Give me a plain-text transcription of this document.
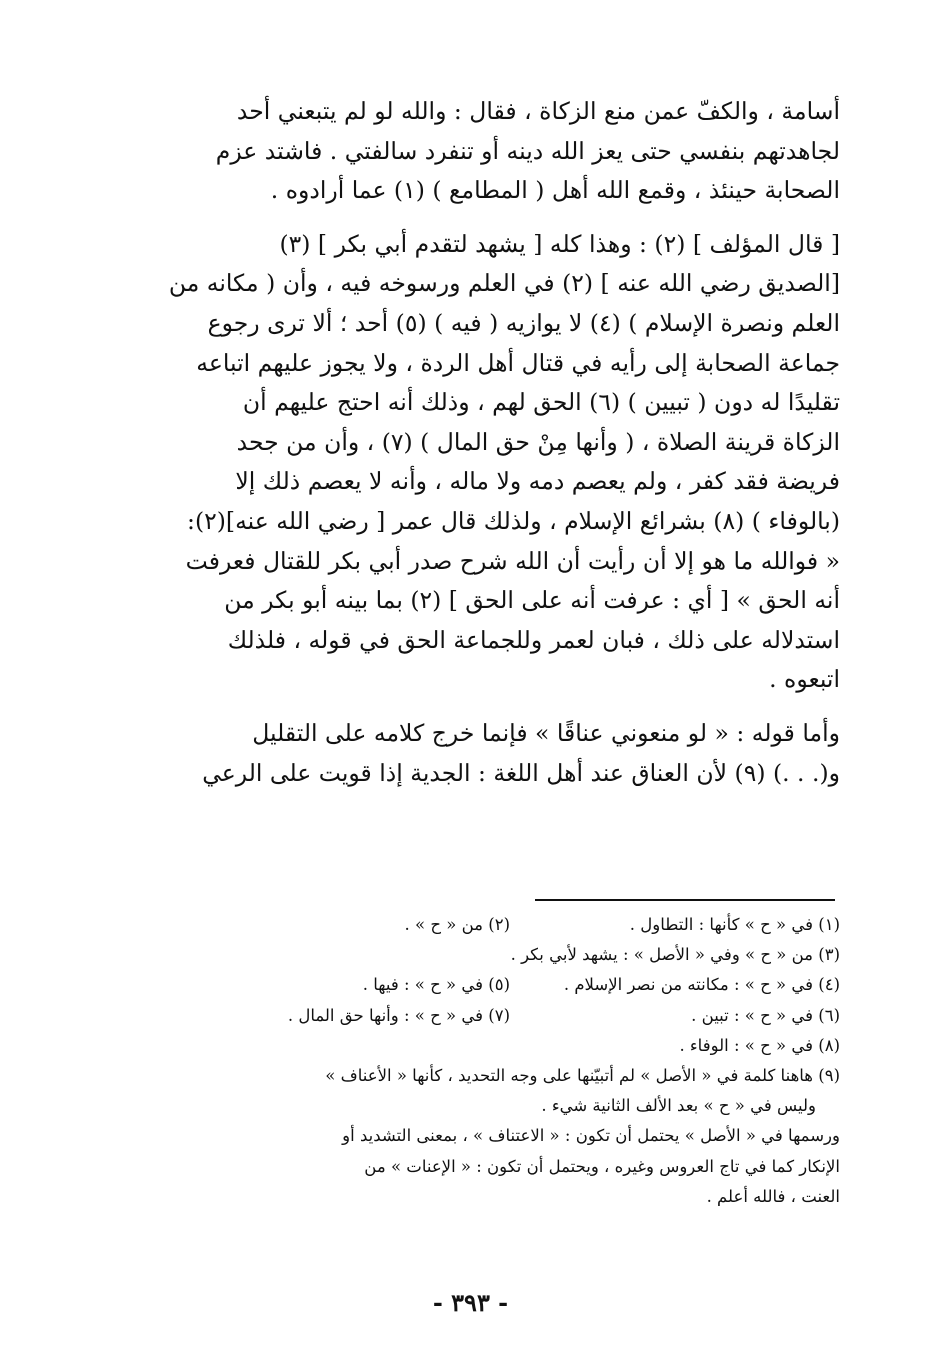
أسامة ، والكفّ عمن منع الزكاة ، فقال : والله لو لم يتبعني أحد
لجاهدتهم بنفسي حتى يعز الله دينه أو تنفرد سالفتي . فاشتد عزم
الصحابة حينئذ ، وقمع الله أهل ( المطامع ) (١) عما أرادوه .

[ قال المؤلف ] (٢) : وهذا كله [ يشهد لتقدم أبي بكر ] (٣)
[الصديق رضي الله عنه ] (٢) في العلم ورسوخه فيه ، وأن ( مكانه من
العلم ونصرة الإسلام ) (٤) لا يوازيه ( فيه ) (٥) أحد ؛ ألا ترى رجوع
جماعة الصحابة إلى رأيه في قتال أهل الردة ، ولا يجوز عليهم اتباعه
تقليدًا له دون ( تبيين ) (٦) الحق لهم ، وذلك أنه احتج عليهم أن
الزكاة قرينة الصلاة ، ( وأنها مِنْ حق المال ) (٧) ، وأن من جحد
فريضة فقد كفر ، ولم يعصم دمه ولا ماله ، وأنه لا يعصم ذلك إلا
(بالوفاء ) (٨) بشرائع الإسلام ، ولذلك قال عمر [ رضي الله عنه](٢):
« فوالله ما هو إلا أن رأيت أن الله شرح صدر أبي بكر للقتال فعرفت
أنه الحق » [ أي : عرفت أنه على الحق ] (٢) بما بينه أبو بكر من
استدلاله على ذلك ، فبان لعمر وللجماعة الحق في قوله ، فلذلك
اتبعوه .

وأما قوله : « لو منعوني عناقًا » فإنما خرج كلامه على التقليل
و(. . .) (٩) لأن العناق عند أهل اللغة : الجدية إذا قويت على الرعي

(١) في « ح » كأنها : التطاول .(٢) من « ح » .
(٣) من « ح » وفي « الأصل » : يشهد لأبي بكر .
(٤) في « ح » : مكانته من نصر الإسلام .(٥) في « ح » : فيها .
(٦) في « ح » : تبين .(٧) في « ح » : وأنها حق المال .
(٨) في « ح » : الوفاء .
(٩) هاهنا كلمة في « الأصل » لم أتبيّنها على وجه التحديد ، كأنها « الأعناف »
وليس في « ح » بعد الألف الثانية شيء .
ورسمها في « الأصل » يحتمل أن تكون : « الاعتناف » ، بمعنى التشديد أو
الإنكار كما في تاج العروس وغيره ، ويحتمل أن تكون : « الإعنات » من
العنت ، فالله أعلم .
- ٣٩٣ -
